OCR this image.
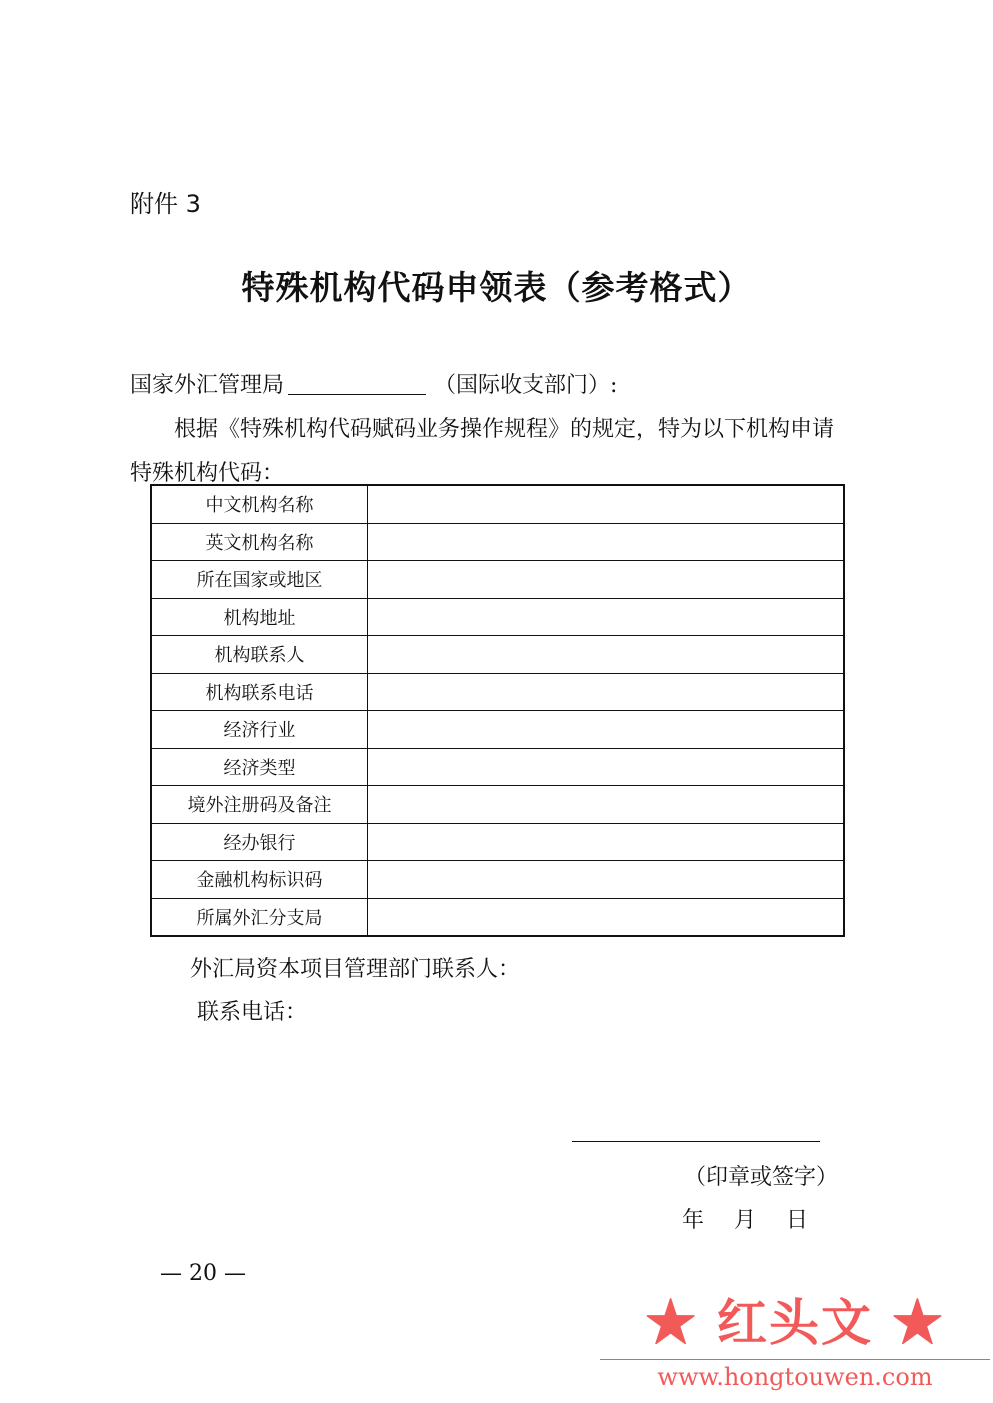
附件 3
特殊机构代码申领表（参考格式）
国家外汇管理局	（国际收支部门）:
根据《特殊机构代码赋码业务操作规程》的规定，特为以下机构申请
特殊机构代码：
中文机构名称	
英文机构名称	
所在国家或地区	
机构地址	
机构联系人	
机构联系电话	
经济行业	
经济类型	
境外注册码及备注	
经办银行	
金融机构标识码	
所属外汇分支局	
外汇局资本项目管理部门联系人：
联系电话：
（印章或签字）
年 月 日
— 20 —
★ 红头文 ★
www.hongtouwen.com
